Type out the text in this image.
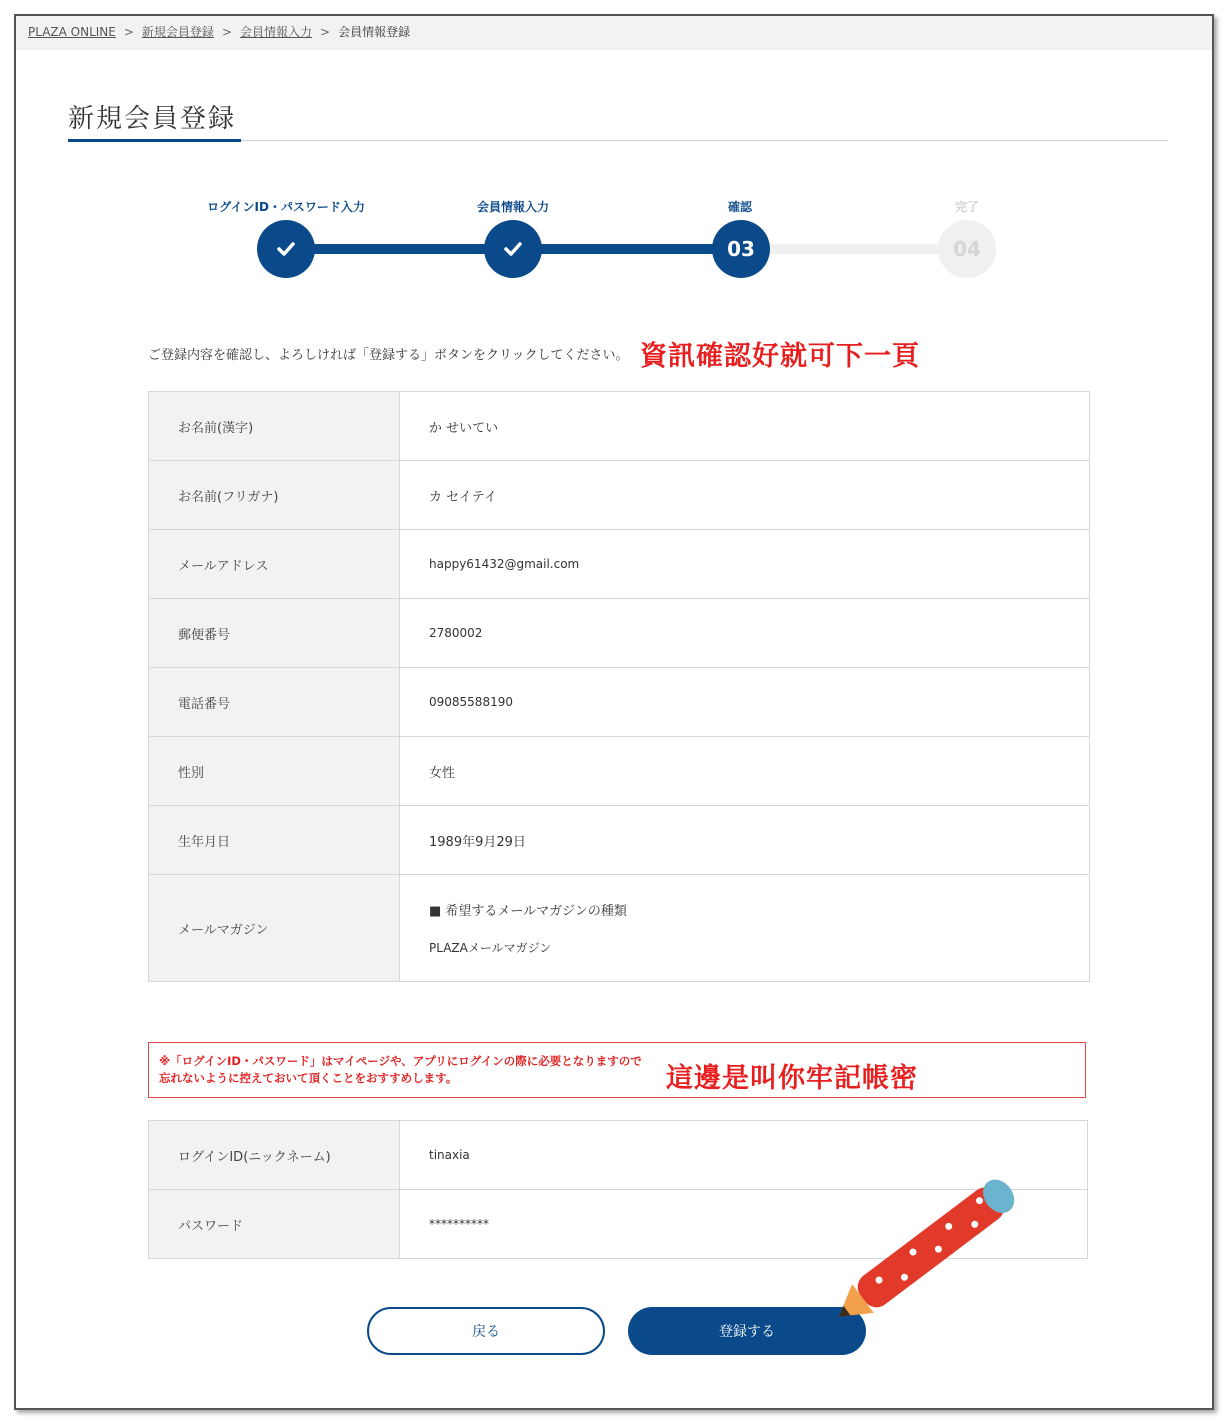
PLAZA ONLINE > 新規会員登録 > 会員情報入力 > 会員情報登録
新規会員登録
ログインID・パスワード入力	会員情報入力	確認
03
完了
04
ご登録内容を確認し、よろしければ「登録する」ボタンをクリックしてください。 資訊確認好就可下一頁
お名前(漢字)	か せいてい
お名前(フリガナ)	カ セイテイ
メールアドレス	happy61432@gmail.com
郵便番号	2780002
電話番号	09085588190
性別	女性
生年月日	1989年9月29日
メールマガジン	■ 希望するメールマガジンの種類
PLAZAメールマガジン
※「ログインID・パスワード」はマイページや、アプリにログインの際に必要となりますので
忘れないように控えておいて頂くことをおすすめします。	這邊是叫你牢記帳密
ログインID(ニックネーム)	tinaxia
パスワード	**********
戻る	登録する
